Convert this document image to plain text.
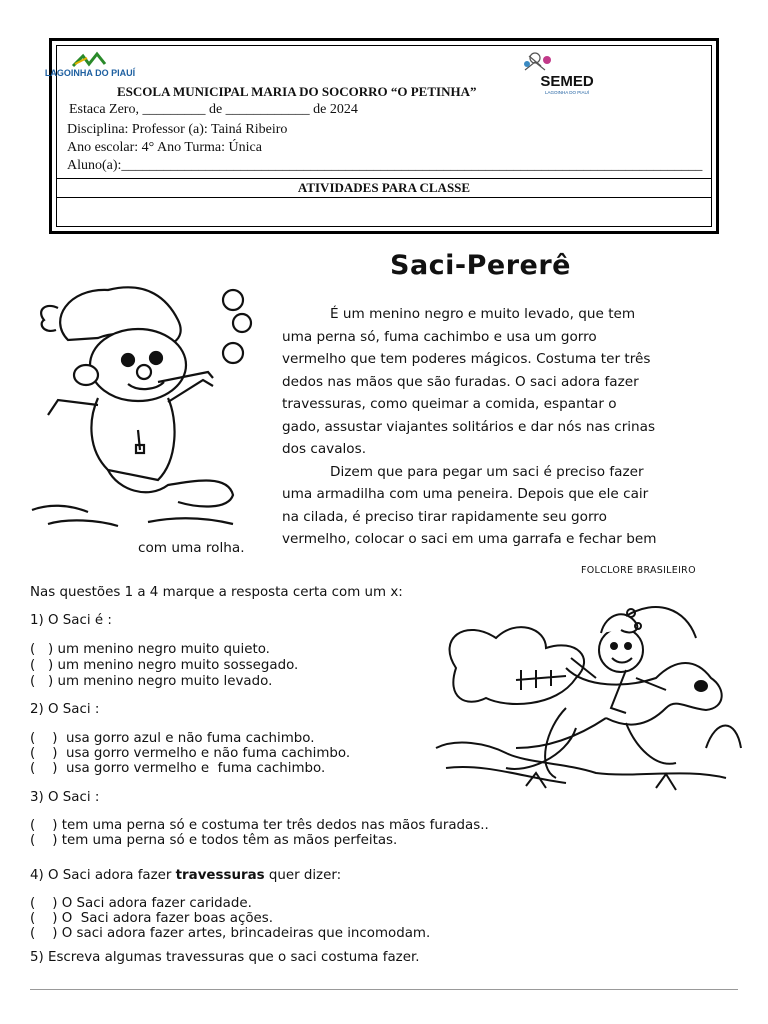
LAGOINHA DO PIAUÍ
ESCOLA MUNICIPAL MARIA DO SOCORRO “O PETINHA”
SEMED
LAGOINHA DO PIAUÍ
Estaca Zero, _________ de ____________ de 2024
Disciplina: Professor (a): Tainá Ribeiro
Ano escolar: 4° Ano Turma: Única
Aluno(a):___________________________________________________________________________________
ATIVIDADES PARA CLASSE
Saci-Pererê

É um menino negro e muito levado, que tem

uma perna só, fuma cachimbo e usa um gorro

vermelho que tem poderes mágicos. Costuma ter três

dedos nas mãos que são furadas. O saci adora fazer

travessuras, como queimar a comida, espantar o

gado, assustar viajantes solitários e dar nós nas crinas

dos cavalos.

Dizem que para pegar um saci é preciso fazer

uma armadilha com uma peneira. Depois que ele cair

na cilada, é preciso tirar rapidamente seu gorro

vermelho, colocar o saci em uma garrafa e fechar bem

com uma rolha.
FOLCLORE BRASILEIRO
Nas questões 1 a 4 marque a resposta certa com um x:
1) O Saci é :
(   ) um menino negro muito quieto.
(   ) um menino negro muito sossegado.
(   ) um menino negro muito levado.
2) O Saci :
(    )  usa gorro azul e não fuma cachimbo.
(    )  usa gorro vermelho e não fuma cachimbo.
(    )  usa gorro vermelho e  fuma cachimbo.
3) O Saci :
(    ) tem uma perna só e costuma ter três dedos nas mãos furadas..
(    ) tem uma perna só e todos têm as mãos perfeitas.
4) O Saci adora fazer travessuras quer dizer:
(    ) O Saci adora fazer caridade.
(    ) O  Saci adora fazer boas ações.
(    ) O saci adora fazer artes, brincadeiras que incomodam.
5) Escreva algumas travessuras que o saci costuma fazer.
